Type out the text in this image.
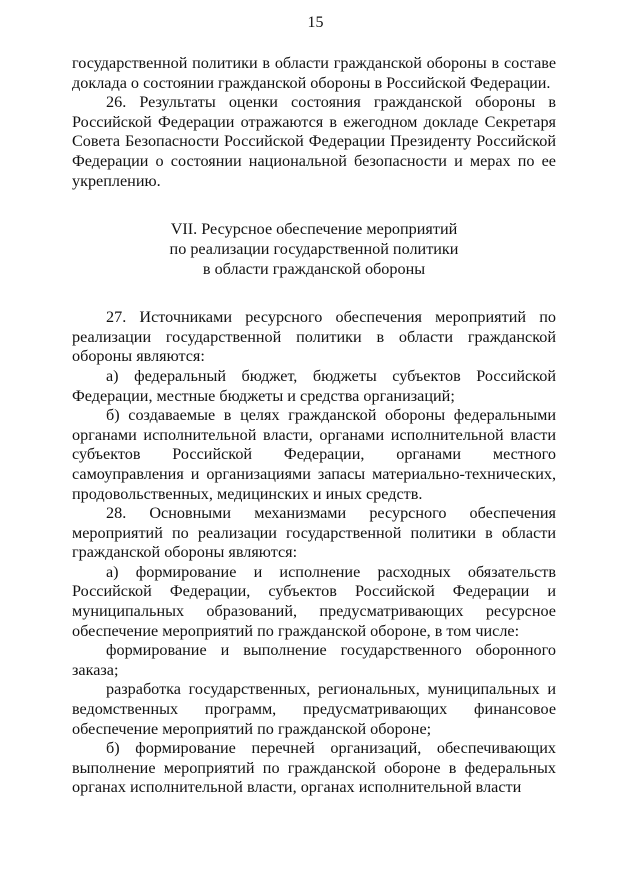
15

государственной политики в области гражданской обороны в составе доклада о состоянии гражданской обороны в Российской Федерации.

26. Результаты оценки состояния гражданской обороны в Российской Федерации отражаются в ежегодном докладе Секретаря Совета Безопасности Российской Федерации Президенту Российской Федерации о состоянии национальной безопасности и мерах по ее укреплению.

VII. Ресурсное обеспечение мероприятий
по реализации государственной политики
в области гражданской обороны

27. Источниками ресурсного обеспечения мероприятий по реализации государственной политики в области гражданской обороны являются:

а) федеральный бюджет, бюджеты субъектов Российской Федерации, местные бюджеты и средства организаций;

б) создаваемые в целях гражданской обороны федеральными органами исполнительной власти, органами исполнительной власти субъектов Российской Федерации, органами местного самоуправления и организациями запасы материально-технических, продовольственных, медицинских и иных средств.

28. Основными механизмами ресурсного обеспечения мероприятий по реализации государственной политики в области гражданской обороны являются:

а) формирование и исполнение расходных обязательств Российской Федерации, субъектов Российской Федерации и муниципальных образований, предусматривающих ресурсное обеспечение мероприятий по гражданской обороне, в том числе:

формирование и выполнение государственного оборонного заказа;

разработка государственных, региональных, муниципальных и ведомственных программ, предусматривающих финансовое обеспечение мероприятий по гражданской обороне;

б) формирование перечней организаций, обеспечивающих выполнение мероприятий по гражданской обороне в федеральных органах исполнительной власти, органах исполнительной власти
